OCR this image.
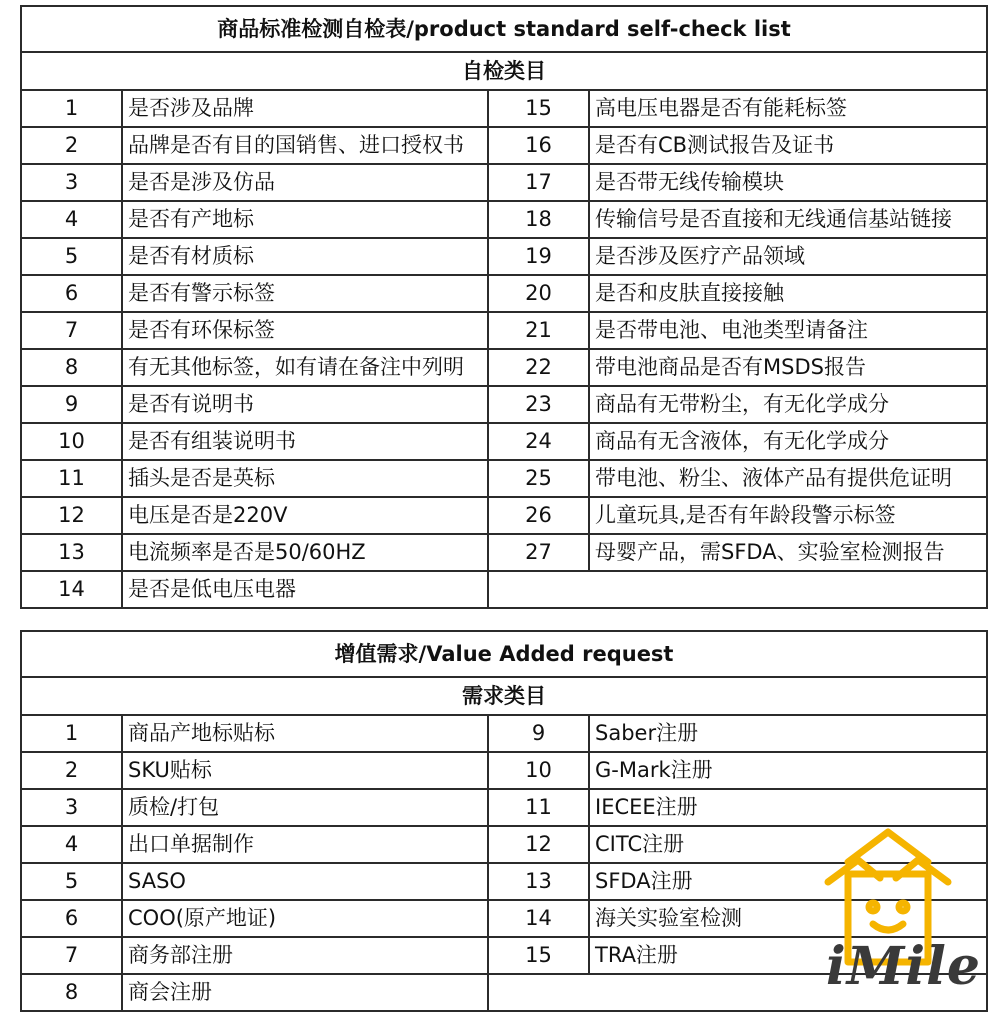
商品标准检测自检表/product standard self-check list			
自检类目			
1	是否涉及品牌	15	高电压电器是否有能耗标签
2	品牌是否有目的国销售、进口授权书	16	是否有CB测试报告及证书
3	是否是涉及仿品	17	是否带无线传输模块
4	是否有产地标	18	传输信号是否直接和无线通信基站链接
5	是否有材质标	19	是否涉及医疗产品领域
6	是否有警示标签	20	是否和皮肤直接接触
7	是否有环保标签	21	是否带电池、电池类型请备注
8	有无其他标签，如有请在备注中列明	22	带电池商品是否有MSDS报告
9	是否有说明书	23	商品有无带粉尘，有无化学成分
10	是否有组装说明书	24	商品有无含液体，有无化学成分
11	插头是否是英标	25	带电池、粉尘、液体产品有提供危证明
12	电压是否是220V	26	儿童玩具,是否有年龄段警示标签
13	电流频率是否是50/60HZ	27	母婴产品，需SFDA、实验室检测报告
14	是否是低电压电器		
增值需求/Value Added request			
需求类目			
1	商品产地标贴标	9	Saber注册
2	SKU贴标	10	G-Mark注册
3	质检/打包	11	IECEE注册
4	出口单据制作	12	CITC注册
5	SASO	13	SFDA注册
6	COO(原产地证)	14	海关实验室检测
7	商务部注册	15	TRA注册
8	商会注册			iMile
